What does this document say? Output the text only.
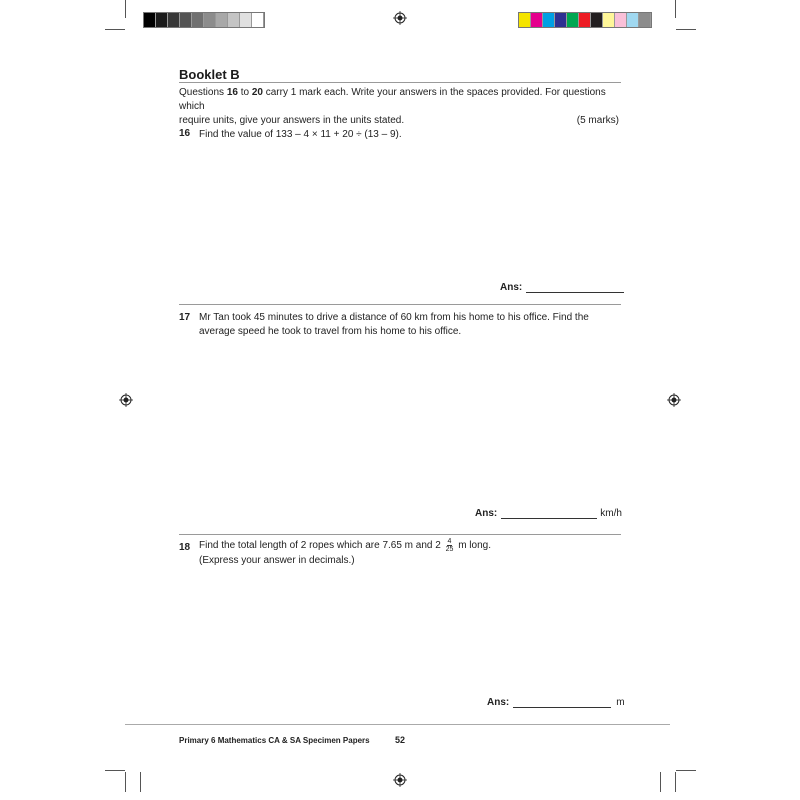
Booklet B
Questions 16 to 20 carry 1 mark each. Write your answers in the spaces provided. For questions which
require units, give your answers in the units stated.	(5 marks)
16 Find the value of 133 – 4 × 11 + 20 ÷ (13 – 9).
Ans:
17 Mr Tan took 45 minutes to drive a distance of 60 km from his home to his office. Find the average speed he took to travel from his home to his office.
Ans:	km/h
18 Find the total length of 2 ropes which are 7.65 m and $2 \frac{4}{25}$ m long.
(Express your answer in decimals.)
Ans:	m
Primary 6 Mathematics CA & SA Specimen Papers	52
